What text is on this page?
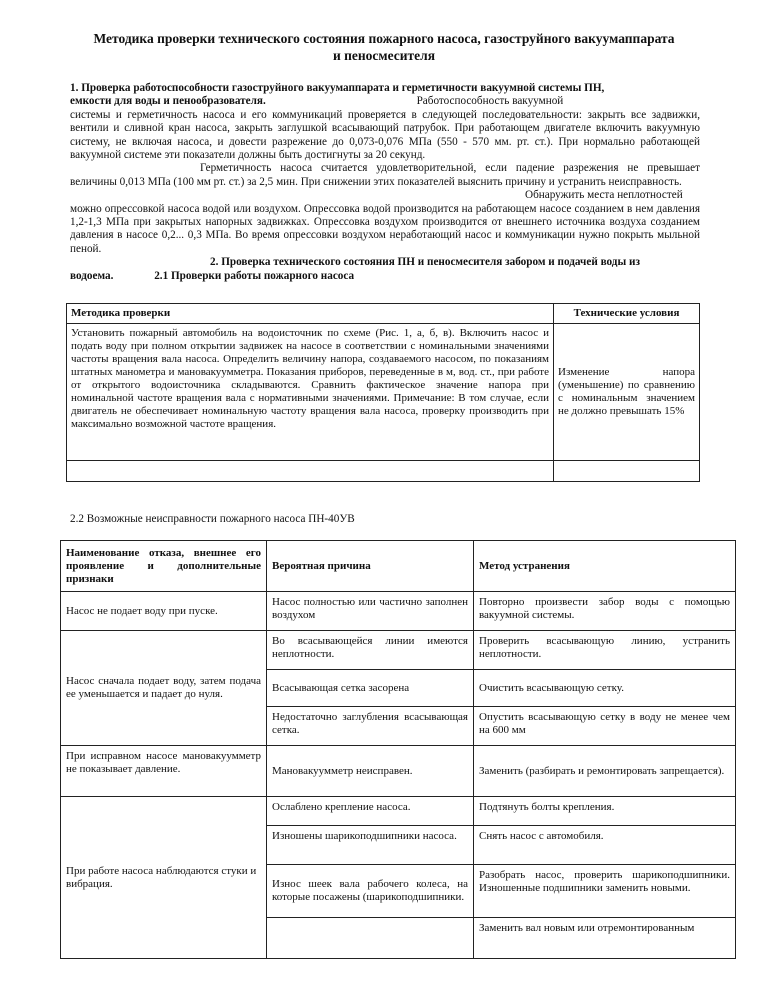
Методика проверки технического состояния пожарного насоса, газоструйного вакуумаппарата
и пеносмесителя
1. Проверка работоспособности газоструйного вакуумаппарата и герметичности вакуумной системы ПН,
емкости для воды и пенообразователя.	Работоспособность вакуумной
системы и герметичность насоса и его коммуникаций проверяется в следующей последовательности: закрыть все задвижки, вентили и сливной кран насоса, закрыть заглушкой всасывающий патрубок. При работающем двигателе включить вакуумную систему, не включая насоса, и довести разрежение до 0,073-0,076 МПа (550 - 570 мм. рт. ст.). При нормально работающей вакуумной системе эти показатели должны быть достигнуты за 20 секунд.
Герметичность насоса считается удовлетворительной, если падение разрежения не превышает величины 0,013 МПа (100 мм рт. ст.) за 2,5 мин. При снижении этих показателей выяснить причину и устранить неисправность.
Обнаружить места неплотностей
можно опрессовкой насоса водой или воздухом. Опрессовка водой производится на работающем насосе созданием в нем давления 1,2-1,3 МПа при закрытых напорных задвижках. Опрессовка воздухом производится от внешнего источника воздуха созданием давления в насосе 0,2... 0,3 МПа. Во время опрессовки воздухом неработающий насос и коммуникации нужно покрыть мыльной пеной.
2. Проверка технического состояния ПН и пеносмесителя забором и подачей воды из
водоема.	2.1 Проверки работы пожарного насоса
Методика проверки	Технические условия
Установить пожарный автомобиль на водоисточник по схеме (Рис. 1, а, б, в). Включить насос и подать воду при полном открытии задвижек на насосе в соответствии с номинальными значениями частоты вращения вала насоса. Определить величину напора, создаваемого насосом, по показаниям штатных манометра и мановакуумметра. Показания приборов, переведенные в м, вод. ст., при работе от открытого водоисточника складываются. Сравнить фактическое значение напора при номинальной частоте вращения вала с нормативными значениями. Примечание: В том случае, если двигатель не обеспечивает номинальную частоту вращения вала насоса, проверку производить при максимально возможной частоте вращения.	Изменение напора (уменьшение) по сравнению с номинальным значением не должно превышать 15%

2.2 Возможные неисправности пожарного насоса ПН-40УВ
Наименование отказа, внешнее его проявление и дополнительные признаки	Вероятная причина	Метод устранения
Насос не подает воду при пуске.	Насос полностью или частично заполнен воздухом	Повторно произвести забор воды с помощью вакуумной системы.
Насос сначала подает воду, затем подача ее уменьшается и падает до нуля.	Во всасывающейся линии имеются неплотности.	Проверить всасывающую линию, устранить неплотности.
	Всасывающая сетка засорена	Очистить всасывающую сетку.
	Недостаточно заглубления всасывающая сетка.	Опустить всасывающую сетку в воду не менее чем на 600 мм
При исправном насосе мановакуумметр не показывает давление.	Мановакуумметр неисправен.	Заменить (разбирать и ремонтировать запрещается).
При работе насоса наблюдаются стуки и вибрация.	Ослаблено крепление насоса.	Подтянуть болты крепления.
	Изношены шарикоподшипники насоса.	Снять насос с автомобиля.
	Износ шеек вала рабочего колеса, на которые посажены (шарикоподшипники.	Разобрать насос, проверить шарикоподшипники. Изношенные подшипники заменить новыми.
		Заменить вал новым или отремонтированным
